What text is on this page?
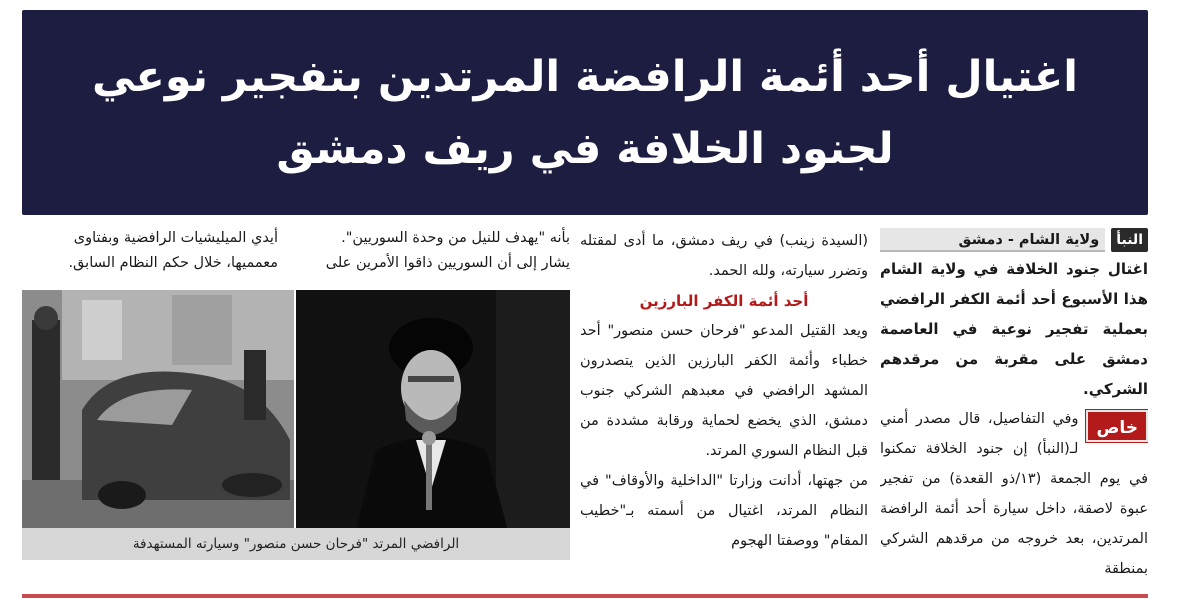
اغتيال أحد أئمة الرافضة المرتدين بتفجير نوعي
لجنود الخلافة في ريف دمشق
النبأ
ولاية الشام - دمشق

اغتال جنود الخلافة في ولاية الشام هذا الأسبوع أحد أئمة الكفر الرافضي بعملية تفجير نوعية في العاصمة دمشق على مقربة من مرقدهم الشركي.

خاص

وفي التفاصيل، قال مصدر أمني لـ(النبأ) إن جنود الخلافة تمكنوا في يوم الجمعة (١٣/ذو القعدة) من تفجير عبوة لاصقة، داخل سيارة أحد أئمة الرافضة المرتدين، بعد خروجه من مرقدهم الشركي بمنطقة

(السيدة زينب) في ريف دمشق، ما أدى لمقتله وتضرر سيارته، ولله الحمد.

أحد أئمة الكفر البارزين

ويعد القتيل المدعو "فرحان حسن منصور" أحد خطباء وأئمة الكفر البارزين الذين يتصدرون المشهد الرافضي في معبدهم الشركي جنوب دمشق، الذي يخضع لحماية ورقابة مشددة من قبل النظام السوري المرتد.

من جهتها، أدانت وزارتا "الداخلية والأوقاف" في النظام المرتد، اغتيال من أسمته بـ"خطيب المقام" ووصفتا الهجوم

بأنه "يهدف للنيل من وحدة السوريين".
يشار إلى أن السوريين ذاقوا الأمرين على
أيدي الميليشيات الرافضية وبفتاوى
معمميها، خلال حكم النظام السابق.
الرافضي المرتد "فرحان حسن منصور" وسيارته المستهدفة
